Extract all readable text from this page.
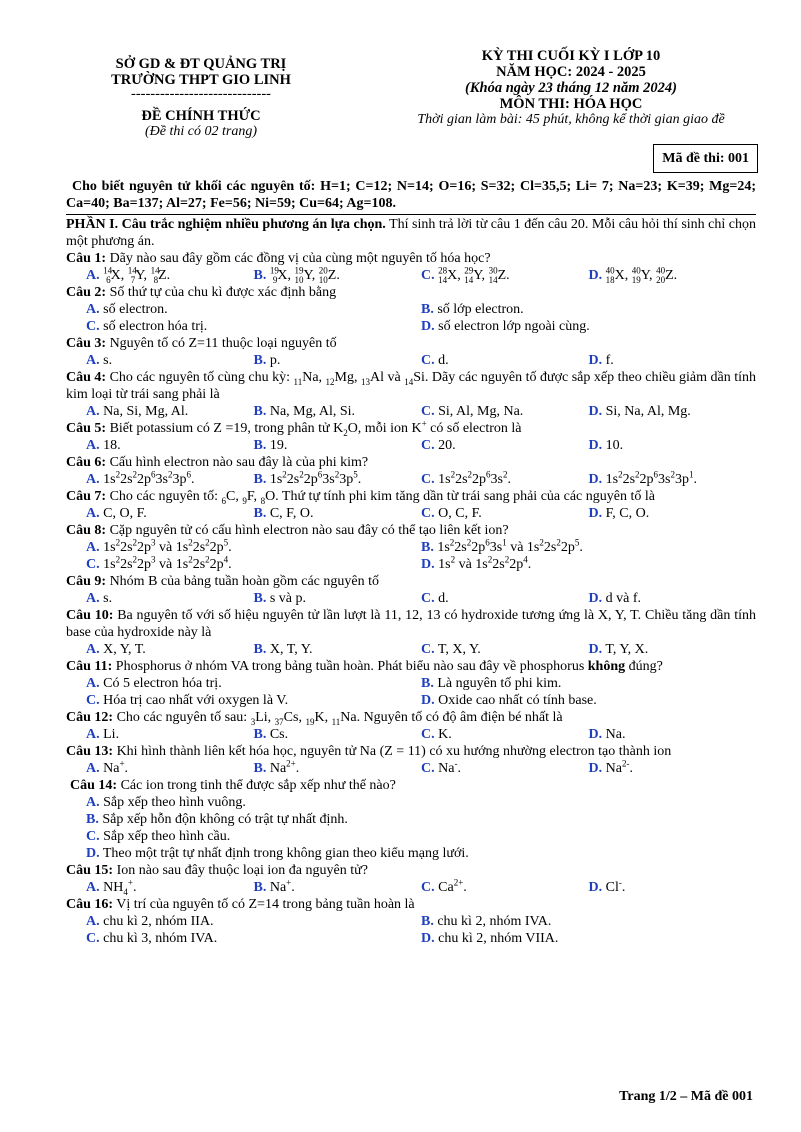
SỞ GD & ĐT QUẢNG TRỊ
TRƯỜNG THPT GIO LINH
-----------------------------
ĐỀ CHÍNH THỨC
(Đề thi có 02 trang)
KỲ THI CUỐI KỲ I LỚP 10
NĂM HỌC: 2024 - 2025
(Khóa ngày 23 tháng 12 năm 2024)
MÔN THI: HÓA HỌC
Thời gian làm bài: 45 phút, không kể thời gian giao đề
Mã đề thi: 001

Cho biết nguyên tử khối các nguyên tố: H=1; C=12; N=14; O=16; S=32; Cl=35,5; Li= 7; Na=23; K=39; Mg=24; Ca=40; Ba=137; Al=27; Fe=56; Ni=59; Cu=64; Ag=108.

PHẦN I. Câu trắc nghiệm nhiều phương án lựa chọn. Thí sinh trả lời từ câu 1 đến câu 20. Mỗi câu hỏi thí sinh chỉ chọn một phương án.

Câu 1: Dãy nào sau đây gồm các đồng vị của cùng một nguyên tố hóa học?

A. $^{14}_6$X, $^{14}_7$Y, $^{14}_8$Z.	B. $^{19}_9$X, $^{19}_{10}$Y, $^{20}_{10}$Z.	C. $^{28}_{14}$X, $^{29}_{14}$Y, $^{30}_{14}$Z.	D. $^{40}_{18}$X, $^{40}_{19}$Y, $^{40}_{20}$Z.

Câu 2: Số thứ tự của chu kì được xác định bằng

A. số electron.	B. số lớp electron.
C. số electron hóa trị.	D. số electron lớp ngoài cùng.

Câu 3: Nguyên tố có Z=11 thuộc loại nguyên tố

A. s.	B. p.	C. d.	D. f.

Câu 4: Cho các nguyên tố cùng chu kỳ: $_{11}$Na, $_{12}$Mg, $_{13}$Al và $_{14}$Si. Dãy các nguyên tố được sắp xếp theo chiều giảm dần tính kim loại từ trái sang phải là

A. Na, Si, Mg, Al.	B. Na, Mg, Al, Si.	C. Si, Al, Mg, Na.	D. Si, Na, Al, Mg.

Câu 5: Biết potassium có Z =19, trong phân tử $K_2O$, mỗi ion K+ có số electron là

A. 18.	B. 19.	C. 20.	D. 10.

Câu 6: Cấu hình electron nào sau đây là của phi kim?

A. $1s^22s^22p^63s^23p^6$.	B. $1s^22s^22p^63s^23p^5$.	C. $1s^22s^22p^63s^2$.	D. $1s^22s^22p^63s^23p^1$.

Câu 7: Cho các nguyên tố: $_6$C, $_9$F, $_8$O. Thứ tự tính phi kim tăng dần từ trái sang phải của các nguyên tố là

A. C, O, F.	B. C, F, O.	C. O, C, F.	D. F, C, O.

Câu 8: Cặp nguyên tử có cấu hình electron nào sau đây có thể tạo liên kết ion?

A. $1s^22s^22p^3$ và $1s^22s^22p^5$.	B. $1s^22s^22p^63s^1$ và $1s^22s^22p^5$.
C. $1s^22s^22p^3$ và $1s^22s^22p^4$.	D. $1s^2$ và $1s^22s^22p^4$.

Câu 9: Nhóm B của bảng tuần hoàn gồm các nguyên tố

A. s.	B. s và p.	C. d.	D. d và f.

Câu 10: Ba nguyên tố với số hiệu nguyên tử lần lượt là 11, 12, 13 có hydroxide tương ứng là X, Y, T. Chiều tăng dần tính base của hydroxide này là

A. X, Y, T.	B. X, T, Y.	C. T, X, Y.	D. T, Y, X.

Câu 11: Phosphorus ở nhóm VA trong bảng tuần hoàn. Phát biểu nào sau đây về phosphorus không đúng?

A. Có 5 electron hóa trị.	B. Là nguyên tố phi kim.
C. Hóa trị cao nhất với oxygen là V.	D. Oxide cao nhất có tính base.

Câu 12: Cho các nguyên tố sau: $_3$Li, $_{37}$Cs, $_{19}$K, $_{11}$Na. Nguyên tố có độ âm điện bé nhất là

A. Li.	B. Cs.	C. K.	D. Na.

Câu 13: Khi hình thành liên kết hóa học, nguyên tử Na (Z = 11) có xu hướng nhường electron tạo thành ion

A. Na+.	B. $Na^{2+}$.	C. Na-.	D. $Na^{2-}$.

Câu 14: Các ion trong tinh thể được sắp xếp như thế nào?

A. Sắp xếp theo hình vuông.
B. Sắp xếp hỗn độn không có trật tự nhất định.
C. Sắp xếp theo hình cầu.
D. Theo một trật tự nhất định trong không gian theo kiểu mạng lưới.

Câu 15: Ion nào sau đây thuộc loại ion đa nguyên tử?

A. $NH_4^+$.	B. Na+.	C. $Ca^{2+}$.	D. Cl-.

Câu 16: Vị trí của nguyên tố có Z=14 trong bảng tuần hoàn là

A. chu kì 2, nhóm IIA.	B. chu kì 2, nhóm IVA.
C. chu kì 3, nhóm IVA.	D. chu kì 2, nhóm VIIA.
Trang 1/2 – Mã đề 001
